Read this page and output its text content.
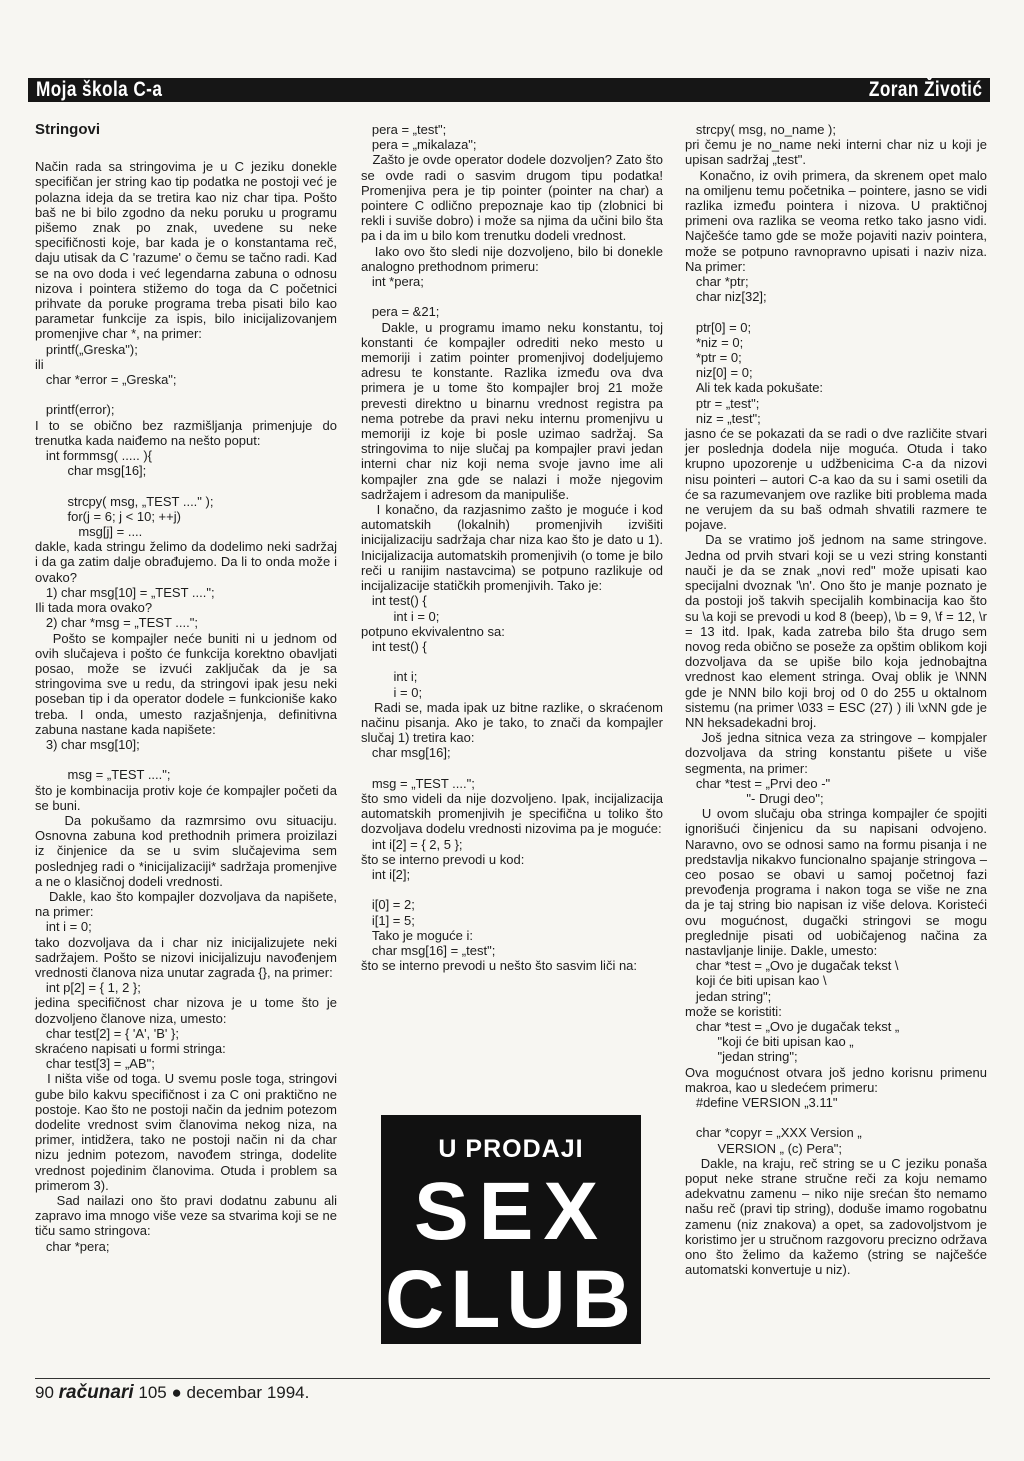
Moja škola C-a	Zoran Životić

Stringovi

Način rada sa stringovima je u C jeziku donekle specifičan jer string kao tip podatka ne postoji već je polazna ideja da se tretira kao niz char tipa. Pošto baš ne bi bilo zgodno da neku poruku u programu pišemo znak po znak, uvedene su neke specifičnosti koje, bar kada je o konstantama reč, daju utisak da C 'razume' o čemu se tačno radi. Kad se na ovo doda i već legendarna zabuna o odnosu nizova i pointera stižemo do toga da C početnici prihvate da poruke programa treba pisati bilo kao parametar funkcije za ispis, bilo inicijalizovanjem promenjive char *, na primer:
printf(„Greska");
ili
char *error = „Greska";

printf(error);
I to se obično bez razmišljanja primenjuje do trenutka kada naiđemo na nešto poput:
int formmsg( ..... ){
char msg[16];

strcpy( msg, „TEST ...." );
for(j = 6; j < 10; ++j)
msg[j] = ....
dakle, kada stringu želimo da dodelimo neki sadržaj i da ga zatim dalje obrađujemo. Da li to onda može i ovako?
1) char msg[10] = „TEST ....";
Ili tada mora ovako?
2) char *msg = „TEST ....";
Pošto se kompajler neće buniti ni u jednom od ovih slučajeva i pošto će funkcija korektno obavljati posao, može se izvući zaključak da je sa stringovima sve u redu, da stringovi ipak jesu neki poseban tip i da operator dodele = funkcioniše kako treba. I onda, umesto razjašnjenja, definitivna zabuna nastane kada napišete:
3) char msg[10];

msg = „TEST ....";
što je kombinacija protiv koje će kompajler početi da se buni.
Da pokušamo da razmrsimo ovu situaciju. Osnovna zabuna kod prethodnih primera proizilazi iz činjenice da se u svim slučajevima sem poslednjeg radi o *inicijalizaciji* sadržaja promenjive a ne o klasičnoj dodeli vrednosti.
Dakle, kao što kompajler dozvoljava da napišete, na primer:
int i = 0;
tako dozvoljava da i char niz inicijalizujete neki sadržajem. Pošto se nizovi inicijalizuju navođenjem vrednosti članova niza unutar zagrada {}, na primer:
int p[2] = { 1, 2 };
jedina specifičnost char nizova je u tome što je dozvoljeno članove niza, umesto:
char test[2] = { 'A', 'B' };
skraćeno napisati u formi stringa:
char test[3] = „AB";
I ništa više od toga. U svemu posle toga, stringovi gube bilo kakvu specifičnost i za C oni praktično ne postoje. Kao što ne postoji način da jednim potezom dodelite vrednost svim članovima nekog niza, na primer, intidžera, tako ne postoji način ni da char nizu jednim potezom, navođem stringa, dodelite vrednost pojedinim članovima. Otuda i problem sa primerom 3).
Sad nailazi ono što pravi dodatnu zabunu ali zapravo ima mnogo više veze sa stvarima koji se ne tiču samo stringova:
char *pera;

pera = „test";
pera = „mikalaza";
Zašto je ovde operator dodele dozvoljen? Zato što se ovde radi o sasvim drugom tipu podatka! Promenjiva pera je tip pointer (pointer na char) a pointere C odlično prepoznaje kao tip (zlobnici bi rekli i suviše dobro) i može sa njima da učini bilo šta pa i da im u bilo kom trenutku dodeli vrednost.
Iako ovo što sledi nije dozvoljeno, bilo bi donekle analogno prethodnom primeru:
int *pera;

pera = &21;
Dakle, u programu imamo neku konstantu, toj konstanti će kompajler odrediti neko mesto u memoriji i zatim pointer promenjivoj dodeljujemo adresu te konstante. Razlika između ova dva primera je u tome što kompajler broj 21 može prevesti direktno u binarnu vrednost registra pa nema potrebe da pravi neku internu promenjivu u memoriji iz koje bi posle uzimao sadržaj. Sa stringovima to nije slučaj pa kompajler pravi jedan interni char niz koji nema svoje javno ime ali kompajler zna gde se nalazi i može njegovim sadržajem i adresom da manipuliše.
I konačno, da razjasnimo zašto je moguće i kod automatskih (lokalnih) promenjivih izvišiti inicijalizaciju sadržaja char niza kao što je dato u 1). Inicijalizacija automatskih promenjivih (o tome je bilo reči u ranijim nastavcima) se potpuno razlikuje od incijalizacije statičkih promenjivih. Tako je:
int test() {
int i = 0;
potpuno ekvivalentno sa:
int test() {

int i;
i = 0;
Radi se, mada ipak uz bitne razlike, o skraćenom načinu pisanja. Ako je tako, to znači da kompajler slučaj 1) tretira kao:
char msg[16];

msg = „TEST ....";
što smo videli da nije dozvoljeno. Ipak, incijalizacija automatskih promenjivih je specifična u toliko što dozvoljava dodelu vrednosti nizovima pa je moguće:
int i[2] = { 2, 5 };
što se interno prevodi u kod:
int i[2];

i[0] = 2;
i[1] = 5;
Tako je moguće i:
char msg[16] = „test";
što se interno prevodi u nešto što sasvim liči na:

strcpy( msg, no_name );
pri čemu je no_name neki interni char niz u koji je upisan sadržaj „test".
Konačno, iz ovih primera, da skrenem opet malo na omiljenu temu početnika – pointere, jasno se vidi razlika između pointera i nizova. U praktičnoj primeni ova razlika se veoma retko tako jasno vidi. Najčešće tamo gde se može pojaviti naziv pointera, može se potpuno ravnopravno upisati i naziv niza. Na primer:
char *ptr;
char niz[32];

ptr[0] = 0;
*niz = 0;
*ptr = 0;
niz[0] = 0;
Ali tek kada pokušate:
ptr = „test";
niz = „test";
jasno će se pokazati da se radi o dve različite stvari jer poslednja dodela nije moguća. Otuda i tako krupno upozorenje u udžbenicima C-a da nizovi nisu pointeri – autori C-a kao da su i sami osetili da će sa razumevanjem ove razlike biti problema mada ne verujem da su baš odmah shvatili razmere te pojave.
Da se vratimo još jednom na same stringove. Jedna od prvih stvari koji se u vezi string konstanti nauči je da se znak „novi red" može upisati kao specijalni dvoznak '\n'. Ono što je manje poznato je da postoji još takvih specijalih kombinacija kao što su \a koji se prevodi u kod 8 (beep), \b = 9, \f = 12, \r = 13 itd. Ipak, kada zatreba bilo šta drugo sem novog reda obično se poseže za opštim oblikom koji dozvoljava da se upiše bilo koja jednobajtna vrednost kao element stringa. Ovaj oblik je \NNN gde je NNN bilo koji broj od 0 do 255 u oktalnom sistemu (na primer \033 = ESC (27) ) ili \xNN gde je NN heksadekadni broj.
Još jedna sitnica veza za stringove – kompjaler dozvoljava da string konstantu pišete u više segmenta, na primer:
char *test = „Prvi deo -"
"- Drugi deo";
U ovom slučaju oba stringa kompajler će spojiti ignorišući činjenicu da su napisani odvojeno. Naravno, ovo se odnosi samo na formu pisanja i ne predstavlja nikakvo funcionalno spajanje stringova – ceo posao se obavi u samoj početnoj fazi prevođenja programa i nakon toga se više ne zna da je taj string bio napisan iz više delova. Koristeći ovu mogućnost, dugački stringovi se mogu preglednije pisati od uobičajenog načina za nastavljanje linije. Dakle, umesto:
char *test = „Ovo je dugačak tekst \
koji će biti upisan kao \
jedan string";
može se koristiti:
char *test = „Ovo je dugačak tekst „
"koji će biti upisan kao „
"jedan string";
Ova mogućnost otvara još jedno korisnu primenu makroa, kao u sledećem primeru:
#define VERSION „3.11"

char *copyr = „XXX Version „
VERSION „ (c) Pera";
Dakle, na kraju, reč string se u C jeziku ponaša poput neke strane stručne reči za koju nemamo adekvatnu zamenu – niko nije srećan što nemamo našu reč (pravi tip string), doduše imamo rogobatnu zamenu (niz znakova) a opet, sa zadovoljstvom je koristimo jer u stručnom razgovoru precizno održava ono što želimo da kažemo (string se najčešće automatski konvertuje u niz).

U PRODAJI
SEX
CLUB
90 računari 105 ● decembar 1994.
